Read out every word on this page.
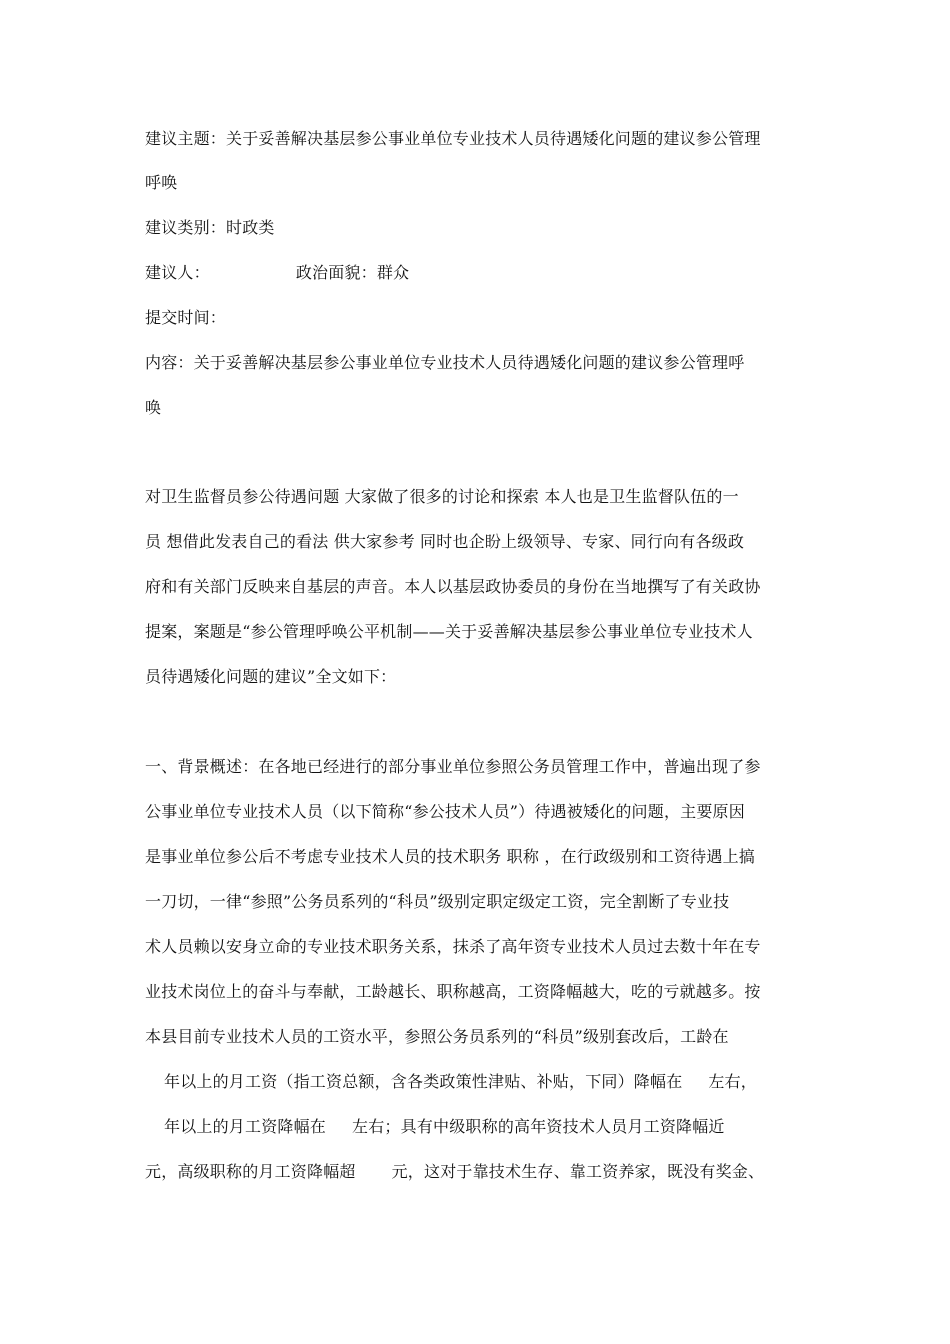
建议主题：关于妥善解决基层参公事业单位专业技术人员待遇矮化问题的建议参公管理
呼唤
建议类别：时政类
建议人：	政治面貌：群众
提交时间：
内容：关于妥善解决基层参公事业单位专业技术人员待遇矮化问题的建议参公管理呼
唤
对卫生监督员参公待遇问题 大家做了很多的讨论和探索 本人也是卫生监督队伍的一
员 想借此发表自己的看法 供大家参考 同时也企盼上级领导、专家、同行向有各级政
府和有关部门反映来自基层的声音。本人以基层政协委员的身份在当地撰写了有关政协
提案，案题是“参公管理呼唤公平机制——关于妥善解决基层参公事业单位专业技术人
员待遇矮化问题的建议”全文如下：
一、背景概述：在各地已经进行的部分事业单位参照公务员管理工作中，普遍出现了参
公事业单位专业技术人员（以下简称“参公技术人员”）待遇被矮化的问题，主要原因
是事业单位参公后不考虑专业技术人员的技术职务 职称 ，在行政级别和工资待遇上搞
一刀切，一律“参照”公务员系列的“科员”级别定职定级定工资，完全割断了专业技
术人员赖以安身立命的专业技术职务关系，抹杀了高年资专业技术人员过去数十年在专
业技术岗位上的奋斗与奉献，工龄越长、职称越高，工资降幅越大，吃的亏就越多。按
本县目前专业技术人员的工资水平，参照公务员系列的“科员”级别套改后，工龄在
年以上的月工资（指工资总额，含各类政策性津贴、补贴，下同）降幅在 左右，
年以上的月工资降幅在 左右；具有中级职称的高年资技术人员月工资降幅近
元，高级职称的月工资降幅超 元，这对于靠技术生存、靠工资养家，既没有奖金、
